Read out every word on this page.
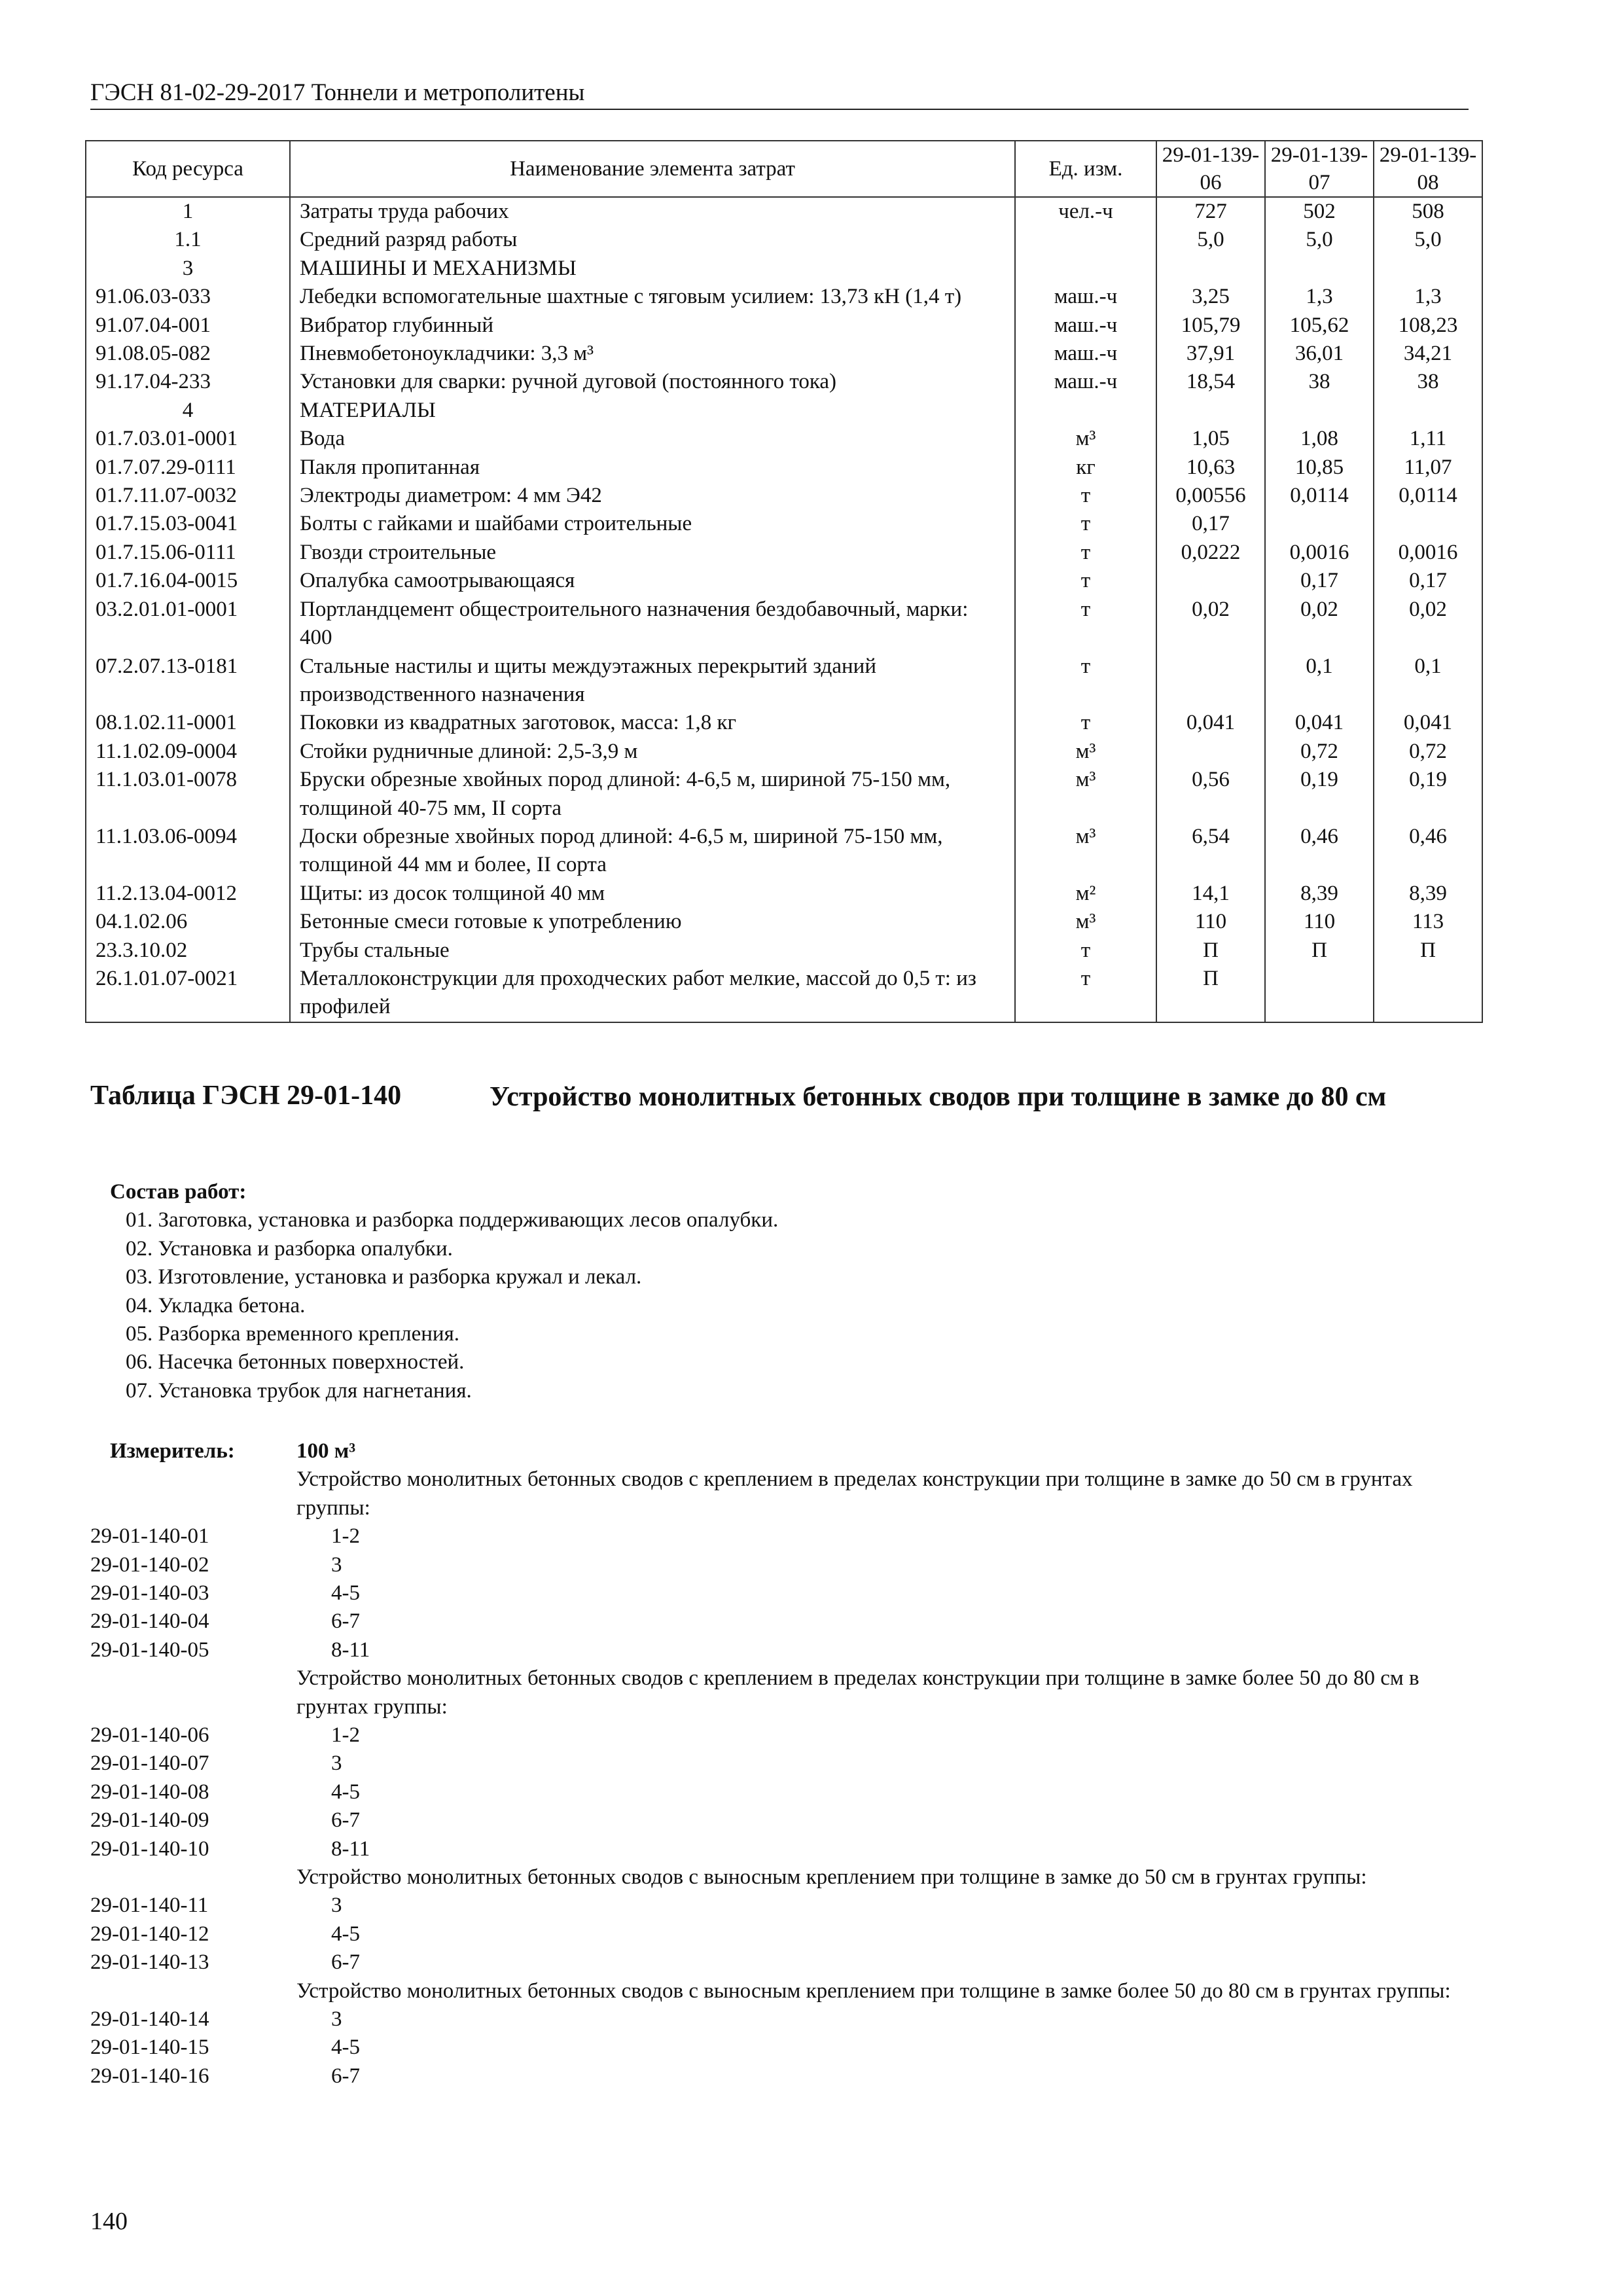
ГЭСН 81-02-29-2017 Тоннели и метрополитены
Код ресурса	Наименование элемента затрат	Ед. изм.	29-01-139-06	29-01-139-07	29-01-139-08
1	Затраты труда рабочих	чел.-ч	727	502	508
1.1	Средний разряд работы		5,0	5,0	5,0
3	МАШИНЫ И МЕХАНИЗМЫ				
91.06.03-033	Лебедки вспомогательные шахтные с тяговым усилием: 13,73 кН (1,4 т)	маш.-ч	3,25	1,3	1,3
91.07.04-001	Вибратор глубинный	маш.-ч	105,79	105,62	108,23
91.08.05-082	Пневмобетоноукладчики: 3,3 м³	маш.-ч	37,91	36,01	34,21
91.17.04-233	Установки для сварки: ручной дуговой (постоянного тока)	маш.-ч	18,54	38	38
4	МАТЕРИАЛЫ				
01.7.03.01-0001	Вода	м³	1,05	1,08	1,11
01.7.07.29-0111	Пакля пропитанная	кг	10,63	10,85	11,07
01.7.11.07-0032	Электроды диаметром: 4 мм Э42	т	0,00556	0,0114	0,0114
01.7.15.03-0041	Болты с гайками и шайбами строительные	т	0,17		
01.7.15.06-0111	Гвозди строительные	т	0,0222	0,0016	0,0016
01.7.16.04-0015	Опалубка самоотрывающаяся	т		0,17	0,17
03.2.01.01-0001	Портландцемент общестроительного назначения бездобавочный, марки: 400	т	0,02	0,02	0,02
07.2.07.13-0181	Стальные настилы и щиты междуэтажных перекрытий зданий производственного назначения	т		0,1	0,1
08.1.02.11-0001	Поковки из квадратных заготовок, масса: 1,8 кг	т	0,041	0,041	0,041
11.1.02.09-0004	Стойки рудничные длиной: 2,5-3,9 м	м³		0,72	0,72
11.1.03.01-0078	Бруски обрезные хвойных пород длиной: 4-6,5 м, шириной 75-150 мм, толщиной 40-75 мм, II сорта	м³	0,56	0,19	0,19
11.1.03.06-0094	Доски обрезные хвойных пород длиной: 4-6,5 м, шириной 75-150 мм, толщиной 44 мм и более, II сорта	м³	6,54	0,46	0,46
11.2.13.04-0012	Щиты: из досок толщиной 40 мм	м²	14,1	8,39	8,39
04.1.02.06	Бетонные смеси готовые к употреблению	м³	110	110	113
23.3.10.02	Трубы стальные	т	П	П	П
26.1.01.07-0021	Металлоконструкции для проходческих работ мелкие, массой до 0,5 т: из профилей	т	П		
Таблица ГЭСН 29-01-140	Устройство монолитных бетонных сводов при толщине в замке до 80 см
Состав работ:
01. Заготовка, установка и разборка поддерживающих лесов опалубки.
02. Установка и разборка опалубки.
03. Изготовление, установка и разборка кружал и лекал.
04. Укладка бетона.
05. Разборка временного крепления.
06. Насечка бетонных поверхностей.
07. Установка трубок для нагнетания.
Измеритель:	100 м³
Устройство монолитных бетонных сводов с креплением в пределах конструкции при толщине в замке до 50 см в грунтах группы:
29-01-140-01	1-2
29-01-140-02	3
29-01-140-03	4-5
29-01-140-04	6-7
29-01-140-05	8-11
Устройство монолитных бетонных сводов с креплением в пределах конструкции при толщине в замке более 50 до 80 см в грунтах группы:
29-01-140-06	1-2
29-01-140-07	3
29-01-140-08	4-5
29-01-140-09	6-7
29-01-140-10	8-11
Устройство монолитных бетонных сводов с выносным креплением при толщине в замке до 50 см в грунтах группы:
29-01-140-11	3
29-01-140-12	4-5
29-01-140-13	6-7
Устройство монолитных бетонных сводов с выносным креплением при толщине в замке более 50 до 80 см в грунтах группы:
29-01-140-14	3
29-01-140-15	4-5
29-01-140-16	6-7
140
